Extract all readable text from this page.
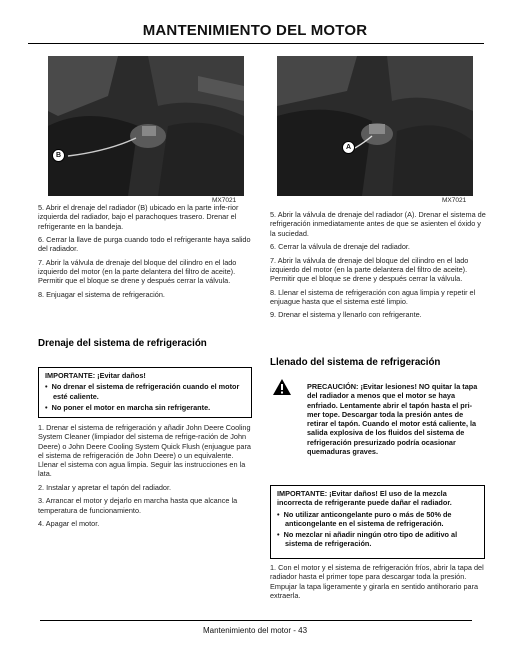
MANTENIMIENTO DEL MOTOR
B
MX7021
A
MX7021

5. Abrir el drenaje del radiador (B) ubicado en la parte infe-rior izquierda del radiador, bajo el parachoques trasero. Drenar el refrigerante en la bandeja.

6. Cerrar la llave de purga cuando todo el refrigerante haya salido del radiador.

7. Abrir la válvula de drenaje del bloque del cilindro en el lado izquierdo del motor (en la parte delantera del filtro de aceite). Permitir que el bloque se drene y después cerrar la válvula.

8. Enjuagar el sistema de refrigeración.

Drenaje del sistema de refrigeración

IMPORTANTE: ¡Evitar daños!

•  No drenar el sistema de refrigeración cuando el motor esté caliente.

•  No poner el motor en marcha sin refrigerante.

1. Drenar el sistema de refrigeración y añadir John Deere Cooling System Cleaner (limpiador del sistema de refrige-ración de John Deere) o John Deere Cooling System Quick Flush (enjuague para el sistema de refrigeración de John Deere) o un equivalente. Llenar el sistema con agua limpia. Seguir las instrucciones en la lata.

2. Instalar y apretar el tapón del radiador.

3. Arrancar el motor y dejarlo en marcha hasta que alcance la temperatura de funcionamiento.

4. Apagar el motor.

5. Abrir la válvula de drenaje del radiador (A). Drenar el sistema de refrigeración inmediatamente antes de que se asienten el óxido y la suciedad.

6. Cerrar la válvula de drenaje del radiador.

7. Abrir la válvula de drenaje del bloque del cilindro en el lado izquierdo del motor (en la parte delantera del filtro de aceite). Permitir que el bloque se drene y después cerrar la válvula.

8. Llenar el sistema de refrigeración con agua limpia y repetir el enjuague hasta que el sistema esté limpio.

9. Drenar el sistema y llenarlo con refrigerante.

Llenado del sistema de refrigeración
PRECAUCIÓN: ¡Evitar lesiones! NO quitar la tapa del radiador a menos que el motor se haya enfriado. Lentamente abrir el tapón hasta el pri-mer tope. Descargar toda la presión antes de retirar el tapón. Cuando el motor está caliente, la salida explosiva de los fluidos del sistema de refrigeración presurizado podría ocasionar quemaduras graves.

IMPORTANTE: ¡Evitar daños! El uso de la mezcla incorrecta de refrigerante puede dañar el radiador.

•  No utilizar anticongelante puro o más de 50% de anticongelante en el sistema de refrigeración.

•  No mezclar ni añadir ningún otro tipo de aditivo al sistema de refrigeración.

1. Con el motor y el sistema de refrigeración fríos, abrir la tapa del radiador hasta el primer tope para descargar toda la presión. Empujar la tapa ligeramente y girarla en sentido antihorario para extraerla.

Mantenimiento del motor - 43
